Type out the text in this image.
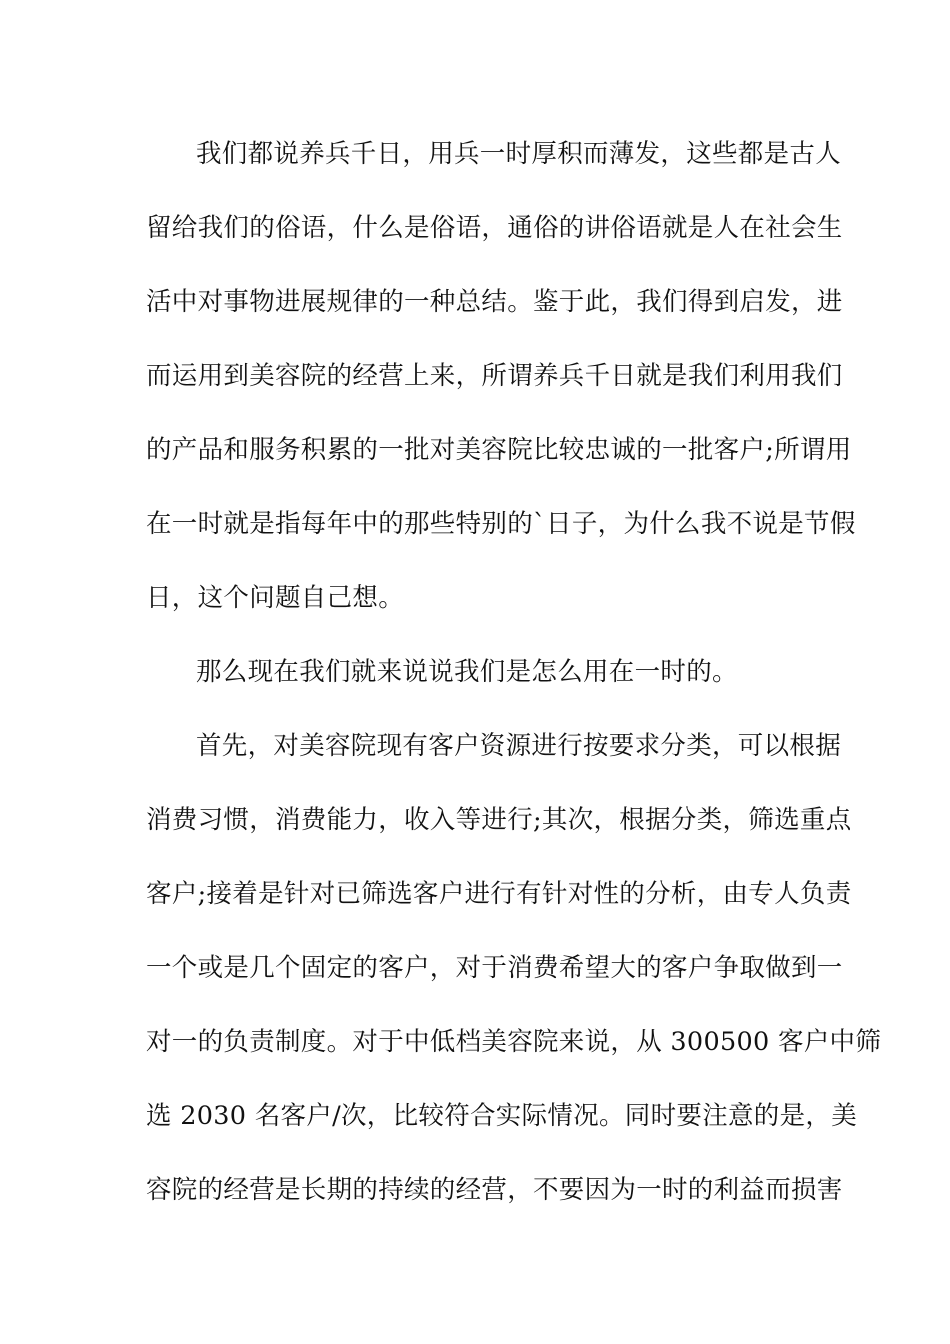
我们都说养兵千日，用兵一时厚积而薄发，这些都是古人
留给我们的俗语，什么是俗语，通俗的讲俗语就是人在社会生
活中对事物进展规律的一种总结。鉴于此，我们得到启发，进
而运用到美容院的经营上来，所谓养兵千日就是我们利用我们
的产品和服务积累的一批对美容院比较忠诚的一批客户;所谓用
在一时就是指每年中的那些特别的`日子，为什么我不说是节假
日，这个问题自己想。
那么现在我们就来说说我们是怎么用在一时的。
首先，对美容院现有客户资源进行按要求分类，可以根据
消费习惯，消费能力，收入等进行;其次，根据分类，筛选重点
客户;接着是针对已筛选客户进行有针对性的分析，由专人负责
一个或是几个固定的客户，对于消费希望大的客户争取做到一
对一的负责制度。对于中低档美容院来说，从 300500 客户中筛
选 2030 名客户/次，比较符合实际情况。同时要注意的是，美
容院的经营是长期的持续的经营，不要因为一时的利益而损害
